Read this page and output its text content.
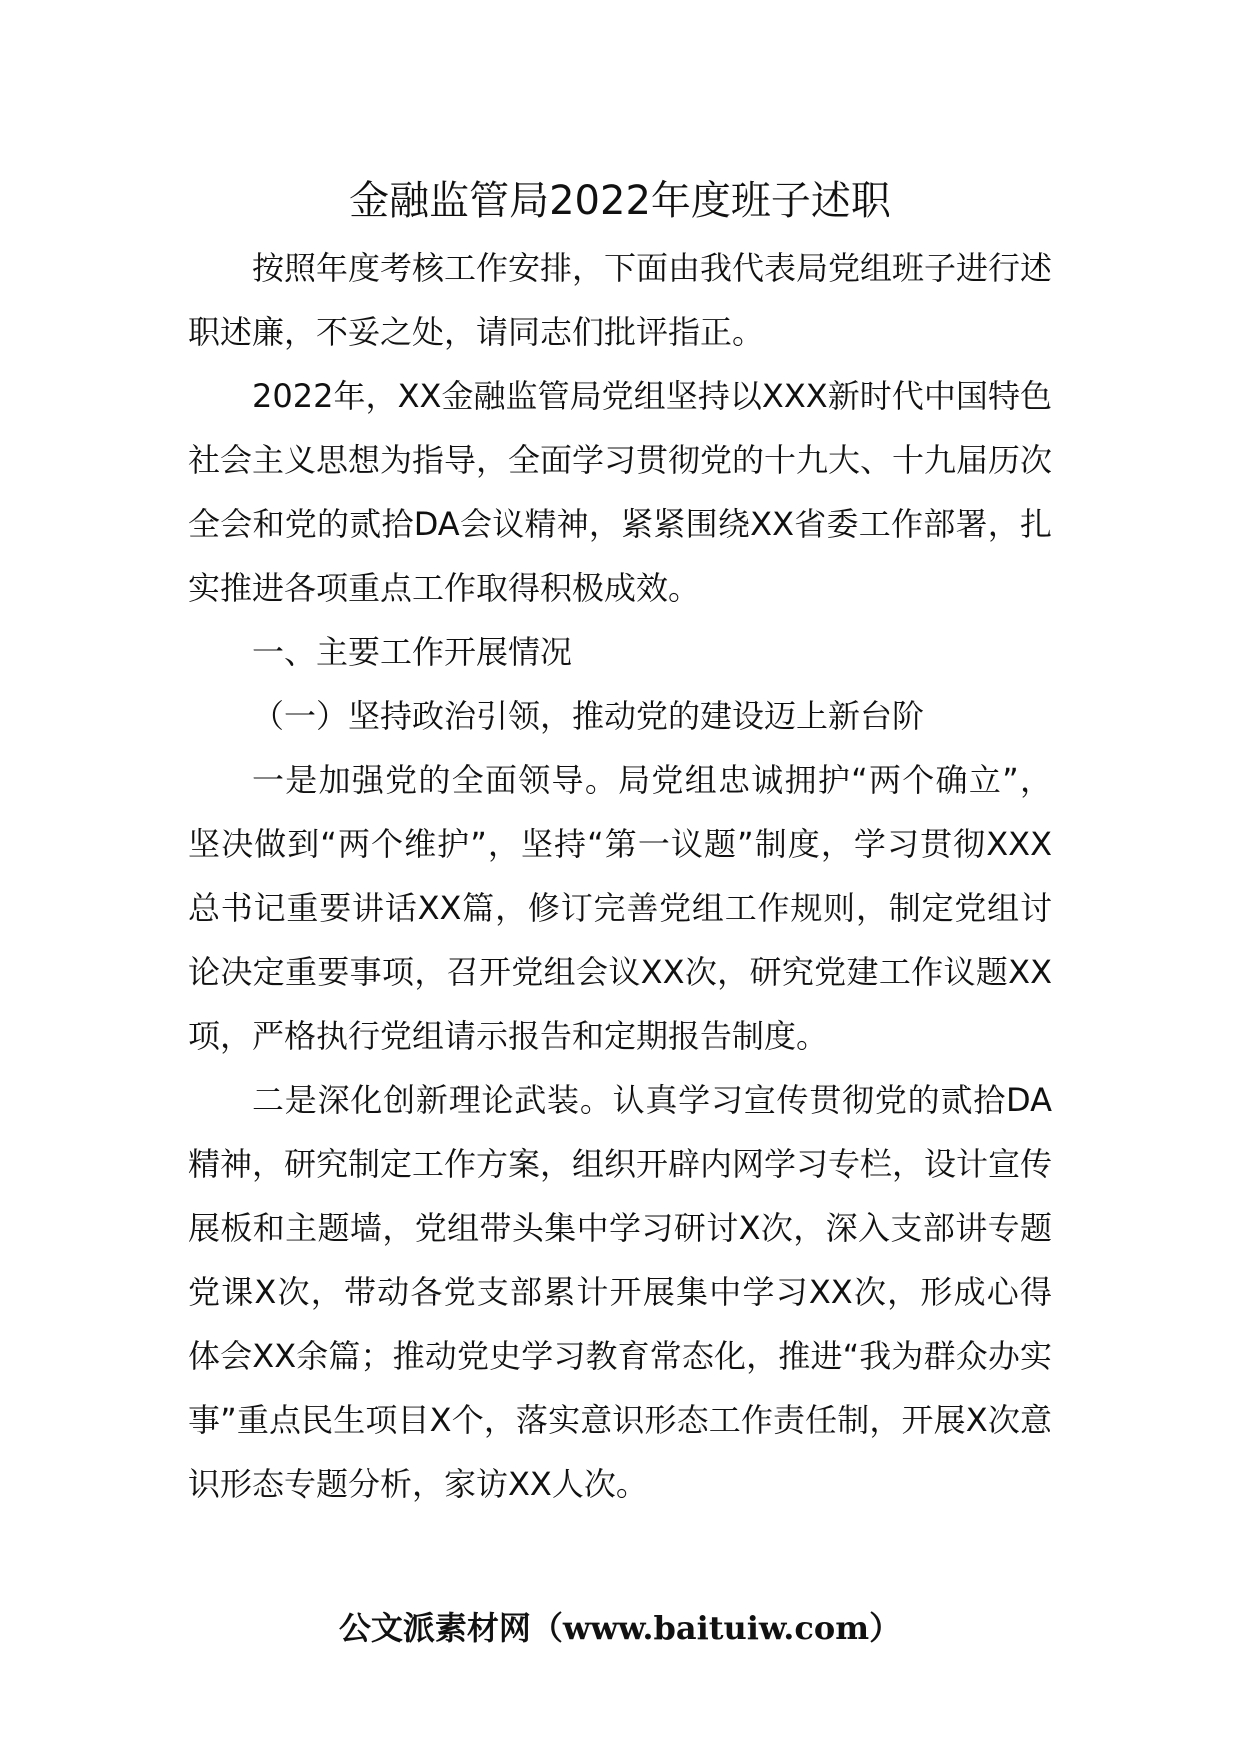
金融监管局2022年度班子述职

按照年度考核工作安排，下面由我代表局党组班子进行述职述廉，不妥之处，请同志们批评指正。

2022年，XX金融监管局党组坚持以XXX新时代中国特色社会主义思想为指导，全面学习贯彻党的十九大、十九届历次全会和党的贰拾DA会议精神，紧紧围绕XX省委工作部署，扎实推进各项重点工作取得积极成效。

一、主要工作开展情况

（一）坚持政治引领，推动党的建设迈上新台阶

一是加强党的全面领导。局党组忠诚拥护“两个确立”，坚决做到“两个维护”，坚持“第一议题”制度，学习贯彻XXX总书记重要讲话XX篇，修订完善党组工作规则，制定党组讨论决定重要事项，召开党组会议XX次，研究党建工作议题XX项，严格执行党组请示报告和定期报告制度。

二是深化创新理论武装。认真学习宣传贯彻党的贰拾DA精神，研究制定工作方案，组织开辟内网学习专栏，设计宣传展板和主题墙，党组带头集中学习研讨X次，深入支部讲专题党课X次，带动各党支部累计开展集中学习XX次，形成心得体会XX余篇；推动党史学习教育常态化，推进“我为群众办实事”重点民生项目X个，落实意识形态工作责任制，开展X次意识形态专题分析，家访XX人次。

公文派素材网（www.baituiw.com）
